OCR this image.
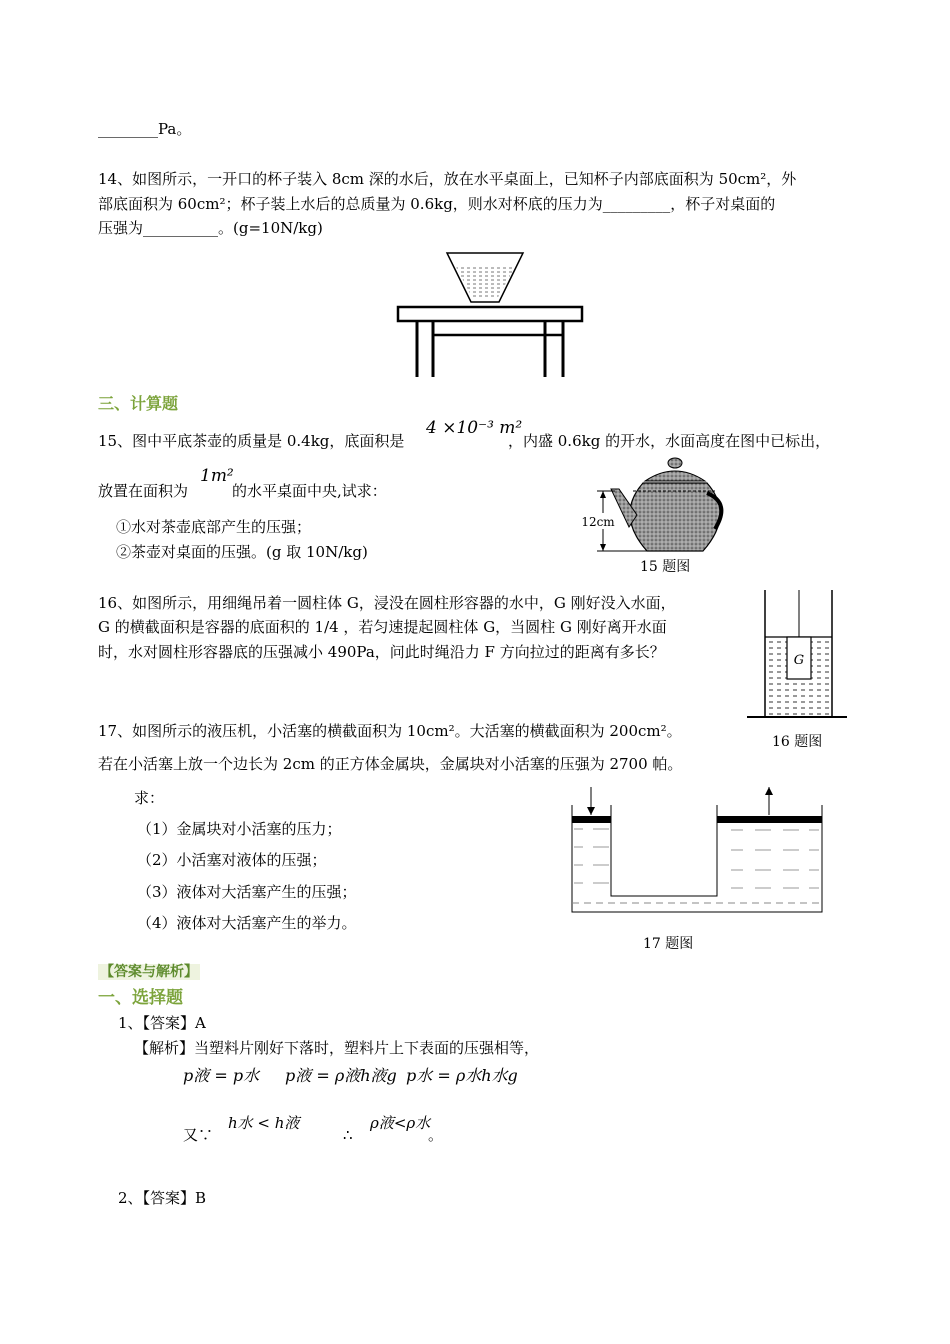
________Pa。
14、如图所示，一开口的杯子装入 8cm 深的水后，放在水平桌面上，已知杯子内部底面积为 50cm²，外
部底面积为 60cm²；杯子装上水后的总质量为 0.6kg，则水对杯底的压力为_________，杯子对桌面的
压强为__________。(g=10N/kg)
三、计算题
15、图中平底茶壶的质量是 0.4kg，底面积是
4 ×10⁻³ m²
，内盛 0.6kg 的开水，水面高度在图中已标出，
放置在面积为
1m²
的水平桌面中央,试求：
①水对茶壶底部产生的压强；
②茶壶对桌面的压强。(g 取 10N/kg)
12cm
15 题图
16、如图所示，用细绳吊着一圆柱体 G，浸没在圆柱形容器的水中，G 刚好没入水面，
G 的横截面积是容器的底面积的 1/4 ，若匀速提起圆柱体 G，当圆柱 G 刚好离开水面
时，水对圆柱形容器底的压强减小 490Pa，问此时绳沿力 F 方向拉过的距离有多长？	G
16 题图
17、如图所示的液压机，小活塞的横截面积为 10cm²。大活塞的横截面积为 200cm²。
若在小活塞上放一个边长为 2cm 的正方体金属块，金属块对小活塞的压强为 2700 帕。
求：
（1）金属块对小活塞的压力；
（2）小活塞对液体的压强；
（3）液体对大活塞产生的压强；
（4）液体对大活塞产生的举力。
17 题图
【答案与解析】
一、选择题
1、【答案】A
【解析】当塑料片刚好下落时，塑料片上下表面的压强相等，
p液 = p水 p液 = ρ液h液g p水 = ρ水h水g
又∵
h水 < h液
∴
ρ液<ρ水
。
2、【答案】B
